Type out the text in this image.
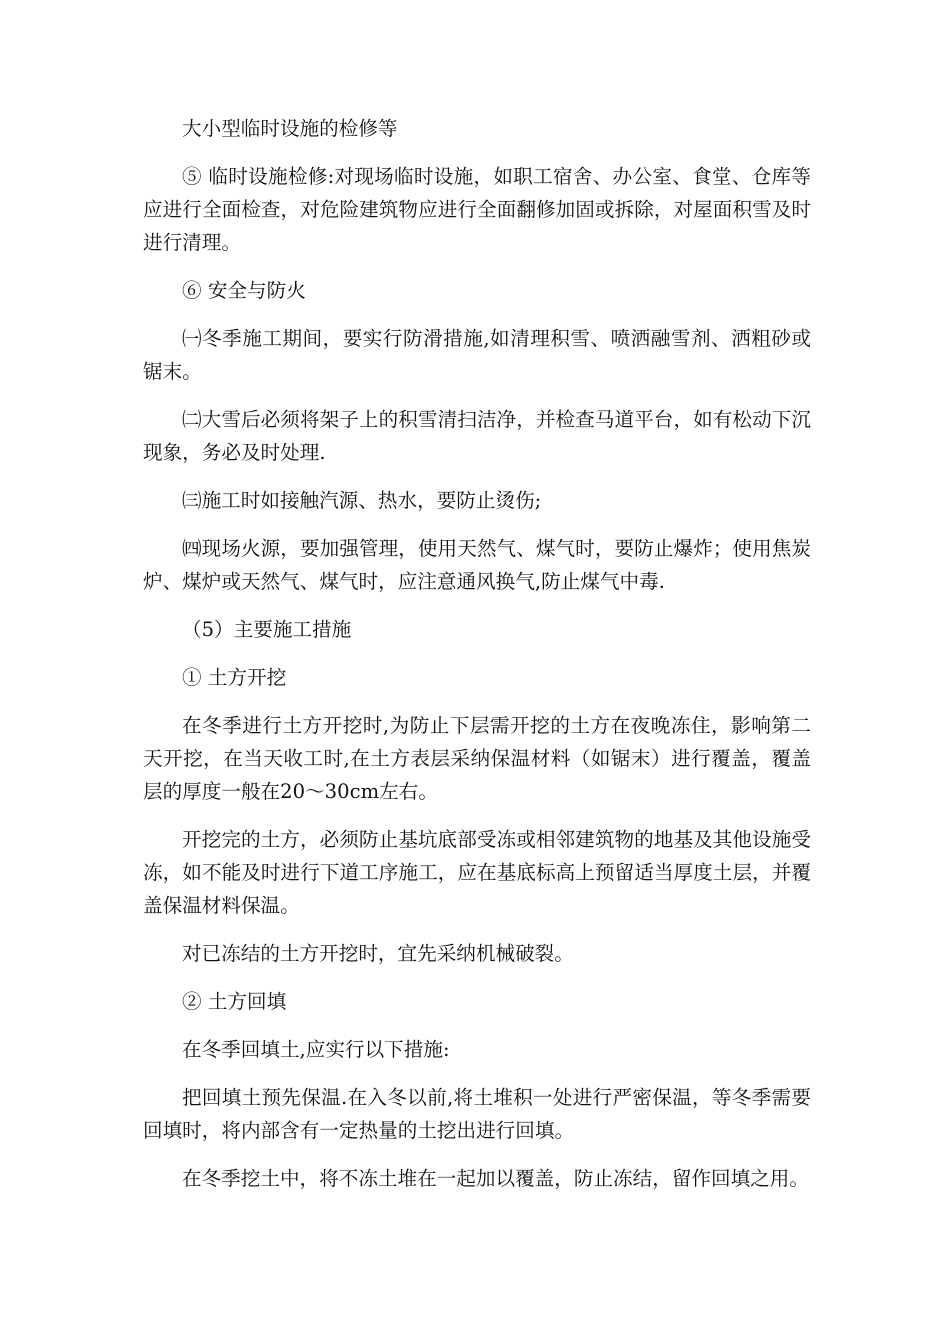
大小型临时设施的检修等

⑤ 临时设施检修:对现场临时设施，如职工宿舍、办公室、食堂、仓库等应进行全面检查，对危险建筑物应进行全面翻修加固或拆除，对屋面积雪及时进行清理。

⑥ 安全与防火

㈠冬季施工期间，要实行防滑措施,如清理积雪、喷洒融雪剂、洒粗砂或锯末。

㈡大雪后必须将架子上的积雪清扫洁净，并检查马道平台，如有松动下沉现象，务必及时处理.

㈢施工时如接触汽源、热水，要防止烫伤;

㈣现场火源，要加强管理，使用天然气、煤气时，要防止爆炸；使用焦炭炉、煤炉或天然气、煤气时，应注意通风换气,防止煤气中毒.

（5）主要施工措施

① 土方开挖

在冬季进行土方开挖时,为防止下层需开挖的土方在夜晚冻住，影响第二天开挖，在当天收工时,在土方表层采纳保温材料（如锯末）进行覆盖，覆盖层的厚度一般在20～30cm左右。

开挖完的土方，必须防止基坑底部受冻或相邻建筑物的地基及其他设施受冻，如不能及时进行下道工序施工，应在基底标高上预留适当厚度土层，并覆盖保温材料保温。

对已冻结的土方开挖时，宜先采纳机械破裂。

② 土方回填

在冬季回填土,应实行以下措施:

把回填土预先保温.在入冬以前,将土堆积一处进行严密保温，等冬季需要回填时，将内部含有一定热量的土挖出进行回填。

在冬季挖土中，将不冻土堆在一起加以覆盖，防止冻结，留作回填之用。
